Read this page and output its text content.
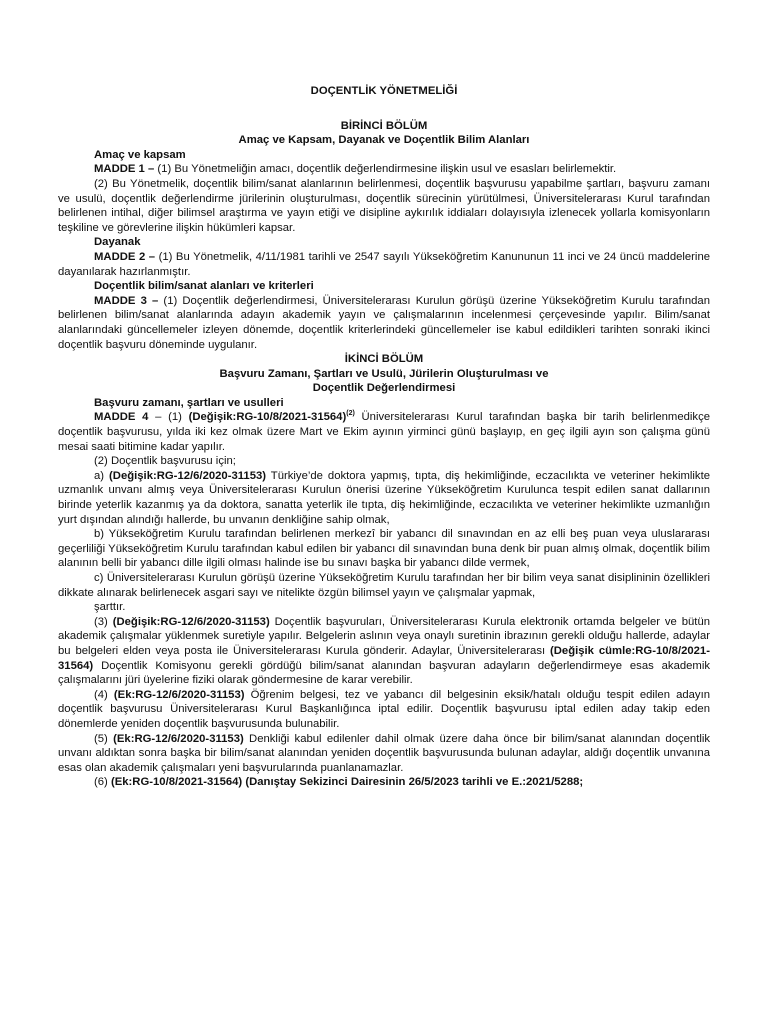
DOÇENTLİK YÖNETMELİĞİ
BİRİNCİ BÖLÜM
Amaç ve Kapsam, Dayanak ve Doçentlik Bilim Alanları
Amaç ve kapsam

MADDE 1 – (1) Bu Yönetmeliğin amacı, doçentlik değerlendirmesine ilişkin usul ve esasları belirlemektir.

(2) Bu Yönetmelik, doçentlik bilim/sanat alanlarının belirlenmesi, doçentlik başvurusu yapabilme şartları, başvuru zamanı ve usulü, doçentlik değerlendirme jürilerinin oluşturulması, doçentlik sürecinin yürütülmesi, Üniversitelerarası Kurul tarafından belirlenen intihal, diğer bilimsel araştırma ve yayın etiği ve disipline aykırılık iddiaları dolayısıyla izlenecek yollarla komisyonların teşkiline ve görevlerine ilişkin hükümleri kapsar.

Dayanak

MADDE 2 – (1) Bu Yönetmelik, 4/11/1981 tarihli ve 2547 sayılı Yükseköğretim Kanununun 11 inci ve 24 üncü maddelerine dayanılarak hazırlanmıştır.

Doçentlik bilim/sanat alanları ve kriterleri

MADDE 3 – (1) Doçentlik değerlendirmesi, Üniversitelerarası Kurulun görüşü üzerine Yükseköğretim Kurulu tarafından belirlenen bilim/sanat alanlarında adayın akademik yayın ve çalışmalarının incelenmesi çerçevesinde yapılır. Bilim/sanat alanlarındaki güncellemeler izleyen dönemde, doçentlik kriterlerindeki güncellemeler ise kabul edildikleri tarihten sonraki ikinci doçentlik başvuru döneminde uygulanır.

İKİNCİ BÖLÜM
Başvuru Zamanı, Şartları ve Usulü, Jürilerin Oluşturulması ve
Doçentlik Değerlendirmesi
Başvuru zamanı, şartları ve usulleri

MADDE 4 – (1) (Değişik:RG-10/8/2021-31564)$^{(2)}$ Üniversitelerarası Kurul tarafından başka bir tarih belirlenmedikçe doçentlik başvurusu, yılda iki kez olmak üzere Mart ve Ekim ayının yirminci günü başlayıp, en geç ilgili ayın son çalışma günü mesai saati bitimine kadar yapılır.

(2) Doçentlik başvurusu için;

a) (Değişik:RG-12/6/2020-31153) Türkiye’de doktora yapmış, tıpta, diş hekimliğinde, eczacılıkta ve veteriner hekimlikte uzmanlık unvanı almış veya Üniversitelerarası Kurulun önerisi üzerine Yükseköğretim Kurulunca tespit edilen sanat dallarının birinde yeterlik kazanmış ya da doktora, sanatta yeterlik ile tıpta, diş hekimliğinde, eczacılıkta ve veteriner hekimlikte uzmanlığın yurt dışından alındığı hallerde, bu unvanın denkliğine sahip olmak,

b) Yükseköğretim Kurulu tarafından belirlenen merkezî bir yabancı dil sınavından en az elli beş puan veya uluslararası geçerliliği Yükseköğretim Kurulu tarafından kabul edilen bir yabancı dil sınavından buna denk bir puan almış olmak, doçentlik bilim alanının belli bir yabancı dille ilgili olması halinde ise bu sınavı başka bir yabancı dilde vermek,

c) Üniversitelerarası Kurulun görüşü üzerine Yükseköğretim Kurulu tarafından her bir bilim veya sanat disiplininin özellikleri dikkate alınarak belirlenecek asgari sayı ve nitelikte özgün bilimsel yayın ve çalışmalar yapmak,

şarttır.

(3) (Değişik:RG-12/6/2020-31153) Doçentlik başvuruları, Üniversitelerarası Kurula elektronik ortamda belgeler ve bütün akademik çalışmalar yüklenmek suretiyle yapılır. Belgelerin aslının veya onaylı suretinin ibrazının gerekli olduğu hallerde, adaylar bu belgeleri elden veya posta ile Üniversitelerarası Kurula gönderir. Adaylar, Üniversitelerarası (Değişik cümle:RG-10/8/2021-31564) Doçentlik Komisyonu gerekli gördüğü bilim/sanat alanından başvuran adayların değerlendirmeye esas akademik çalışmalarını jüri üyelerine fiziki olarak göndermesine de karar verebilir.

(4) (Ek:RG-12/6/2020-31153) Öğrenim belgesi, tez ve yabancı dil belgesinin eksik/hatalı olduğu tespit edilen adayın doçentlik başvurusu Üniversitelerarası Kurul Başkanlığınca iptal edilir. Doçentlik başvurusu iptal edilen aday takip eden dönemlerde yeniden doçentlik başvurusunda bulunabilir.

(5) (Ek:RG-12/6/2020-31153) Denkliği kabul edilenler dahil olmak üzere daha önce bir bilim/sanat alanından doçentlik unvanı aldıktan sonra başka bir bilim/sanat alanından yeniden doçentlik başvurusunda bulunan adaylar, aldığı doçentlik unvanına esas olan akademik çalışmaları yeni başvurularında puanlanamazlar.

(6) (Ek:RG-10/8/2021-31564) (Danıştay Sekizinci Dairesinin 26/5/2023 tarihli ve E.:2021/5288;
